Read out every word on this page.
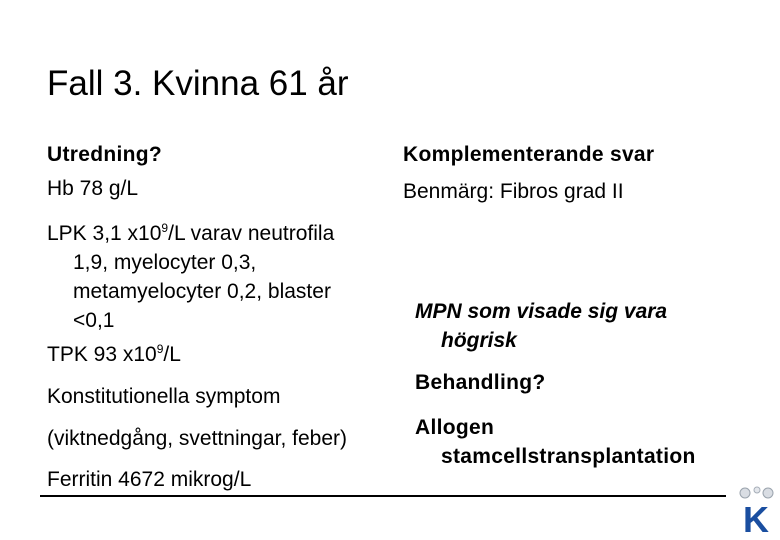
Fall 3. Kvinna 61 år
Utredning?
Hb 78 g/L
LPK 3,1 $x10^9/L$ varav neutrofila
1,9, myelocyter 0,3,
metamyelocyter 0,2, blaster
<0,1
TPK 93 $x10^9/L$
Konstitutionella symptom
(viktnedgång, svettningar, feber)
Ferritin 4672 mikrog/L
Komplementerande svar
Benmärg: Fibros grad II
MPN som visade sig vara
högrisk
Behandling?
Allogen
stamcellstransplantation
K
